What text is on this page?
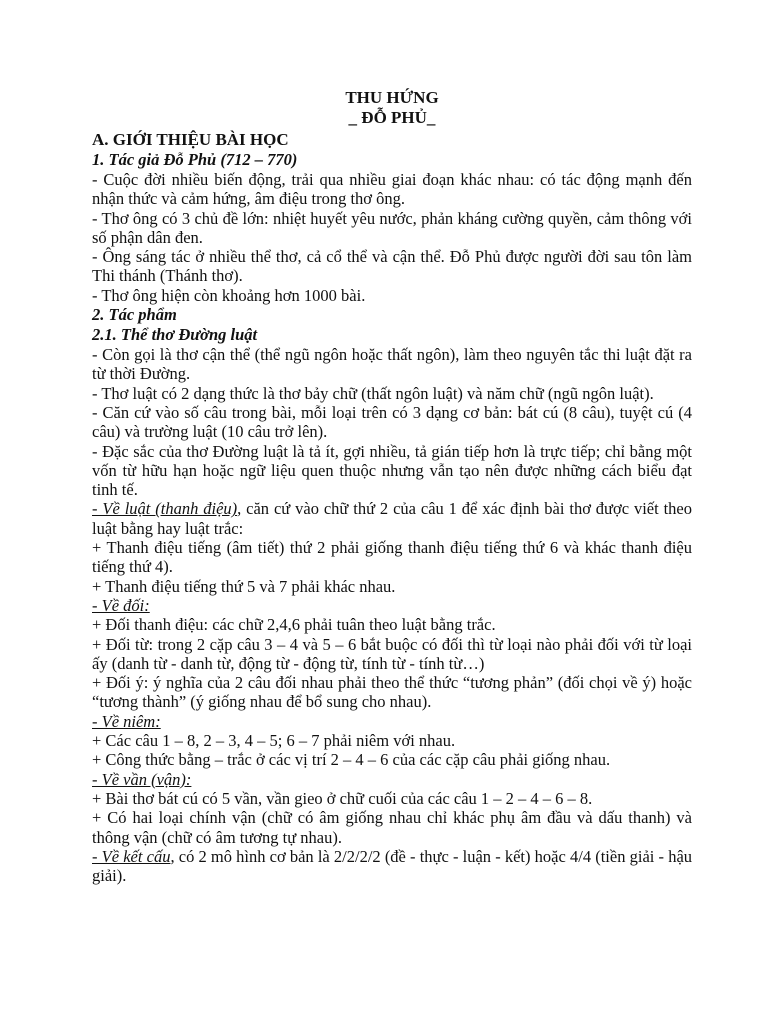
THU HỨNG
_ ĐỖ PHỦ_
A. GIỚI THIỆU BÀI HỌC
1. Tác giả Đỗ Phủ (712 – 770)

- Cuộc đời nhiều biến động, trải qua nhiều giai đoạn khác nhau: có tác động mạnh đến nhận thức và cảm hứng, âm điệu trong thơ ông.

- Thơ ông có 3 chủ đề lớn: nhiệt huyết yêu nước, phản kháng cường quyền, cảm thông với số phận dân đen.

- Ông sáng tác ở nhiều thể thơ, cả cổ thể và cận thể. Đỗ Phủ được người đời sau tôn làm Thi thánh (Thánh thơ).

- Thơ ông hiện còn khoảng hơn 1000 bài.

2. Tác phẩm
2.1. Thể thơ Đường luật

- Còn gọi là thơ cận thể (thể ngũ ngôn hoặc thất ngôn), làm theo nguyên tắc thi luật đặt ra từ thời Đường.

- Thơ luật có 2 dạng thức là thơ bảy chữ (thất ngôn luật) và năm chữ (ngũ ngôn luật).

- Căn cứ vào số câu trong bài, mỗi loại trên có 3 dạng cơ bản: bát cú (8 câu), tuyệt cú (4 câu) và trường luật (10 câu trở lên).

- Đặc sắc của thơ Đường luật là tả ít, gợi nhiều, tả gián tiếp hơn là trực tiếp; chỉ bằng một vốn từ hữu hạn hoặc ngữ liệu quen thuộc nhưng vẫn tạo nên được những cách biểu đạt tinh tế.

- Về luật (thanh điệu), căn cứ vào chữ thứ 2 của câu 1 để xác định bài thơ được viết theo luật bằng hay luật trắc:

+ Thanh điệu tiếng (âm tiết) thứ 2 phải giống thanh điệu tiếng thứ 6 và khác thanh điệu tiếng thứ 4).

+ Thanh điệu tiếng thứ 5 và 7 phải khác nhau.

- Về đối:

+ Đối thanh điệu: các chữ 2,4,6 phải tuân theo luật bằng trắc.

+ Đối từ: trong 2 cặp câu 3 – 4 và 5 – 6 bắt buộc có đối thì từ loại nào phải đối với từ loại ấy (danh từ - danh từ, động từ - động từ, tính từ - tính từ…)

+ Đối ý: ý nghĩa của 2 câu đối nhau phải theo thể thức “tương phản” (đối chọi về ý) hoặc “tương thành” (ý giống nhau để bổ sung cho nhau).

- Về niêm:

+ Các câu 1 – 8, 2 – 3, 4 – 5; 6 – 7 phải niêm với nhau.

+ Công thức bằng – trắc ở các vị trí 2 – 4 – 6 của các cặp câu phải giống nhau.

- Về vần (vận):

+ Bài thơ bát cú có 5 vần, vần gieo ở chữ cuối của các câu 1 – 2 – 4 – 6 – 8.

+ Có hai loại chính vận (chữ có âm giống nhau chỉ khác phụ âm đầu và dấu thanh) và thông vận (chữ có âm tương tự nhau).

- Về kết cấu, có 2 mô hình cơ bản là 2/2/2/2 (đề - thực - luận - kết) hoặc 4/4 (tiền giải - hậu giải).
